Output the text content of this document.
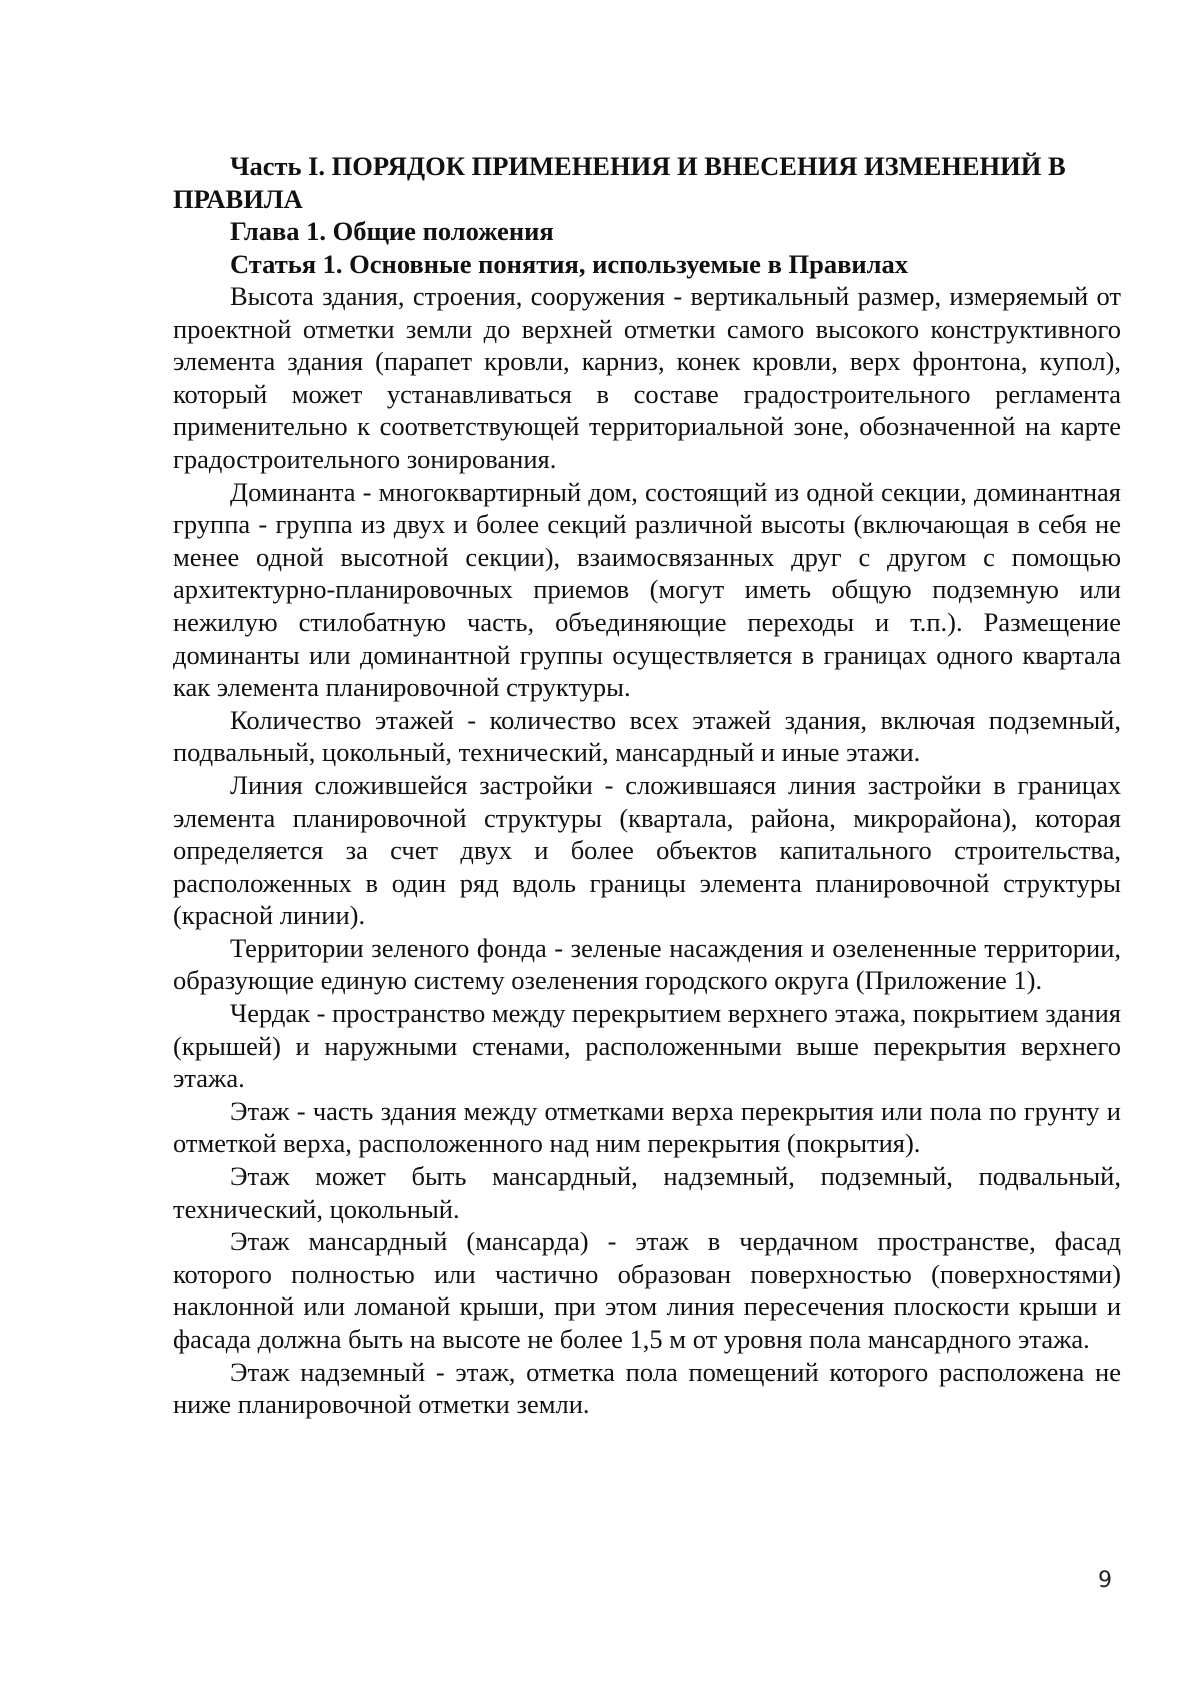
Часть I. ПОРЯДОК ПРИМЕНЕНИЯ И ВНЕСЕНИЯ ИЗМЕНЕНИЙ В ПРАВИЛА

Глава 1. Общие положения

Статья 1. Основные понятия, используемые в Правилах

Высота здания, строения, сооружения - вертикальный размер, измеряемый от проектной отметки земли до верхней отметки самого высокого конструктивного элемента здания (парапет кровли, карниз, конек кровли, верх фронтона, купол), который может устанавливаться в составе градостроительного регламента применительно к соответствующей территориальной зоне, обозначенной на карте градостроительного зонирования.

Доминанта - многоквартирный дом, состоящий из одной секции, доминантная группа - группа из двух и более секций различной высоты (включающая в себя не менее одной высотной секции), взаимосвязанных друг с другом с помощью архитектурно-планировочных приемов (могут иметь общую подземную или нежилую стилобатную часть, объединяющие переходы и т.п.). Размещение доминанты или доминантной группы осуществляется в границах одного квартала как элемента планировочной структуры.

Количество этажей - количество всех этажей здания, включая подземный, подвальный, цокольный, технический, мансардный и иные этажи.

Линия сложившейся застройки - сложившаяся линия застройки в границах элемента планировочной структуры (квартала, района, микрорайона), которая определяется за счет двух и более объектов капитального строительства, расположенных в один ряд вдоль границы элемента планировочной структуры (красной линии).

Территории зеленого фонда - зеленые насаждения и озелененные территории, образующие единую систему озеленения городского округа (Приложение 1).

Чердак - пространство между перекрытием верхнего этажа, покрытием здания (крышей) и наружными стенами, расположенными выше перекрытия верхнего этажа.

Этаж - часть здания между отметками верха перекрытия или пола по грунту и отметкой верха, расположенного над ним перекрытия (покрытия).

Этаж может быть мансардный, надземный, подземный, подвальный, технический, цокольный.

Этаж мансардный (мансарда) - этаж в чердачном пространстве, фасад которого полностью или частично образован поверхностью (поверхностями) наклонной или ломаной крыши, при этом линия пересечения плоскости крыши и фасада должна быть на высоте не более 1,5 м от уровня пола мансардного этажа.

Этаж надземный - этаж, отметка пола помещений которого расположена не ниже планировочной отметки земли.

9
